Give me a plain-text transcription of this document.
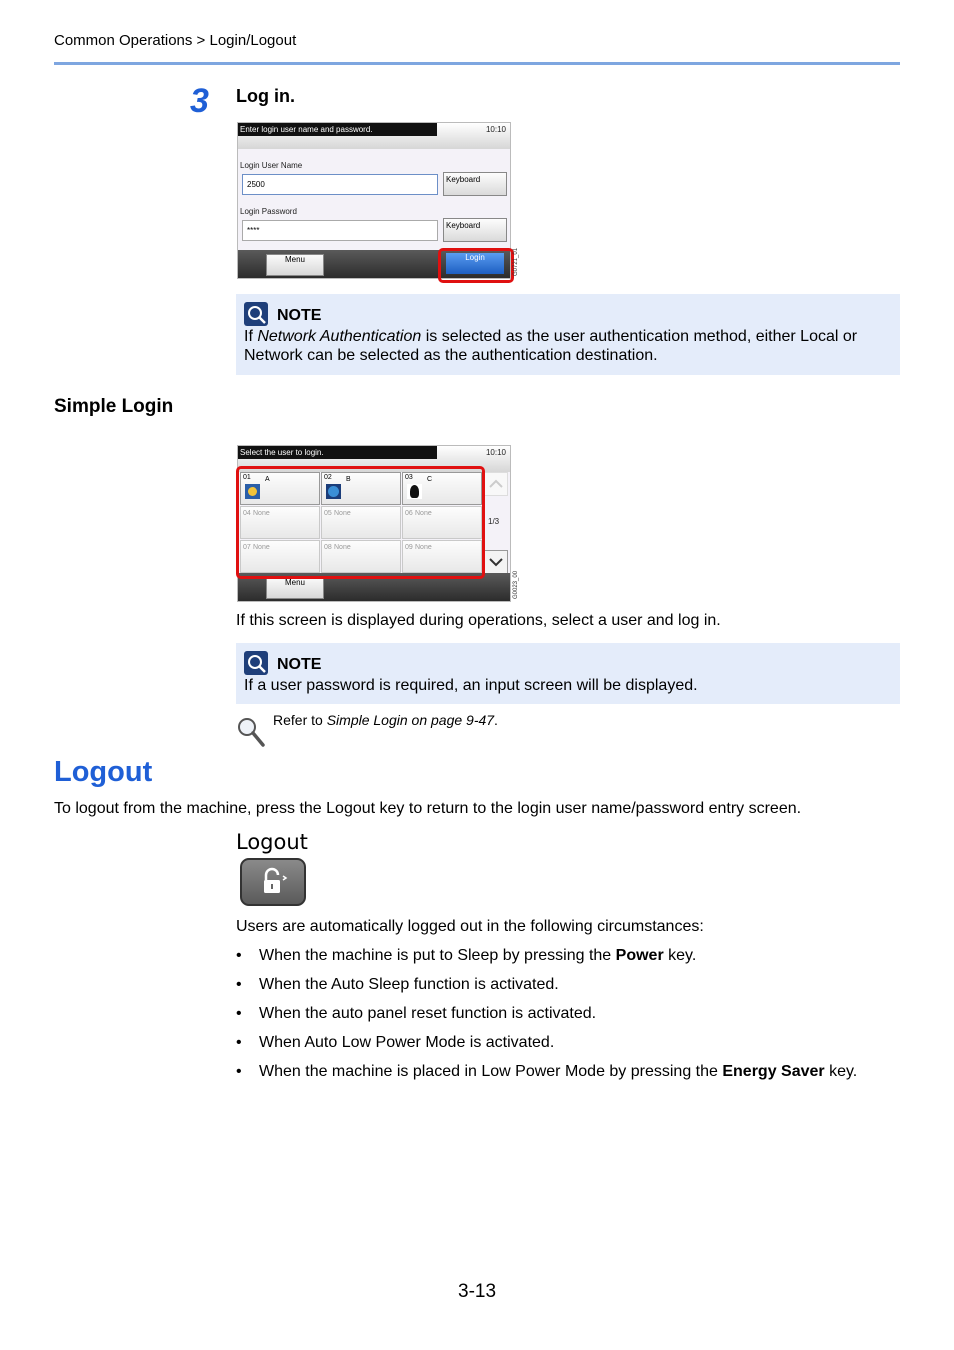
Common Operations > Login/Logout
3 Log in.
Enter login user name and password.	10:10
Login User Name
2500
Keyboard
Login Password
****
Keyboard
Menu	Login	G0721_01
NOTE
If Network Authentication is selected as the user authentication method, either Local or Network can be selected as the authentication destination.
Simple Login
Select the user to login.	10:10
01 A	02 B	03 C
04 None	05 None	06 None
07 None	08 None	09 None
1/3
Menu	G0023_00
If this screen is displayed during operations, select a user and log in.
NOTE
If a user password is required, an input screen will be displayed.
Refer to Simple Login on page 9-47.
Logout
To logout from the machine, press the Logout key to return to the login user name/password entry screen.
Logout
Users are automatically logged out in the following circumstances:
• When the machine is put to Sleep by pressing the Power key.
• When the Auto Sleep function is activated.
• When the auto panel reset function is activated.
• When Auto Low Power Mode is activated.
• When the machine is placed in Low Power Mode by pressing the Energy Saver key.
3-13
